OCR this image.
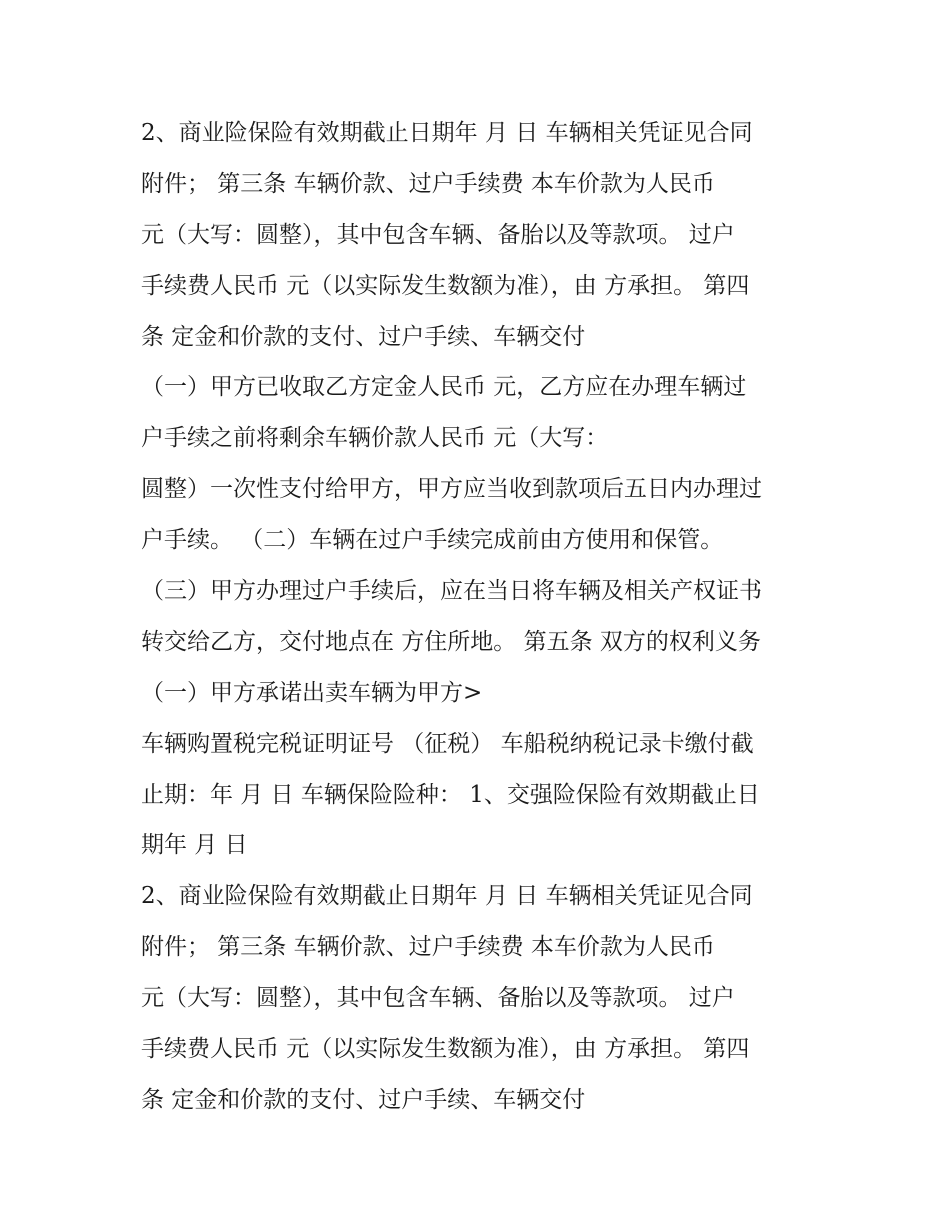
2、商业险保险有效期截止日期年 月 日 车辆相关凭证见合同
附件； 第三条 车辆价款、过户手续费 本车价款为人民币
元（大写：圆整），其中包含车辆、备胎以及等款项。 过户
手续费人民币 元（以实际发生数额为准），由 方承担。 第四
条 定金和价款的支付、过户手续、车辆交付
（一）甲方已收取乙方定金人民币 元，乙方应在办理车辆过
户手续之前将剩余车辆价款人民币 元（大写：
圆整）一次性支付给甲方，甲方应当收到款项后五日内办理过
户手续。 （二）车辆在过户手续完成前由方使用和保管。
（三）甲方办理过户手续后，应在当日将车辆及相关产权证书
转交给乙方，交付地点在 方住所地。 第五条 双方的权利义务
（一）甲方承诺出卖车辆为甲方>
车辆购置税完税证明证号 （征税） 车船税纳税记录卡缴付截
止期：年 月 日 车辆保险险种： 1、交强险保险有效期截止日
期年 月 日
2、商业险保险有效期截止日期年 月 日 车辆相关凭证见合同
附件； 第三条 车辆价款、过户手续费 本车价款为人民币
元（大写：圆整），其中包含车辆、备胎以及等款项。 过户
手续费人民币 元（以实际发生数额为准），由 方承担。 第四
条 定金和价款的支付、过户手续、车辆交付
